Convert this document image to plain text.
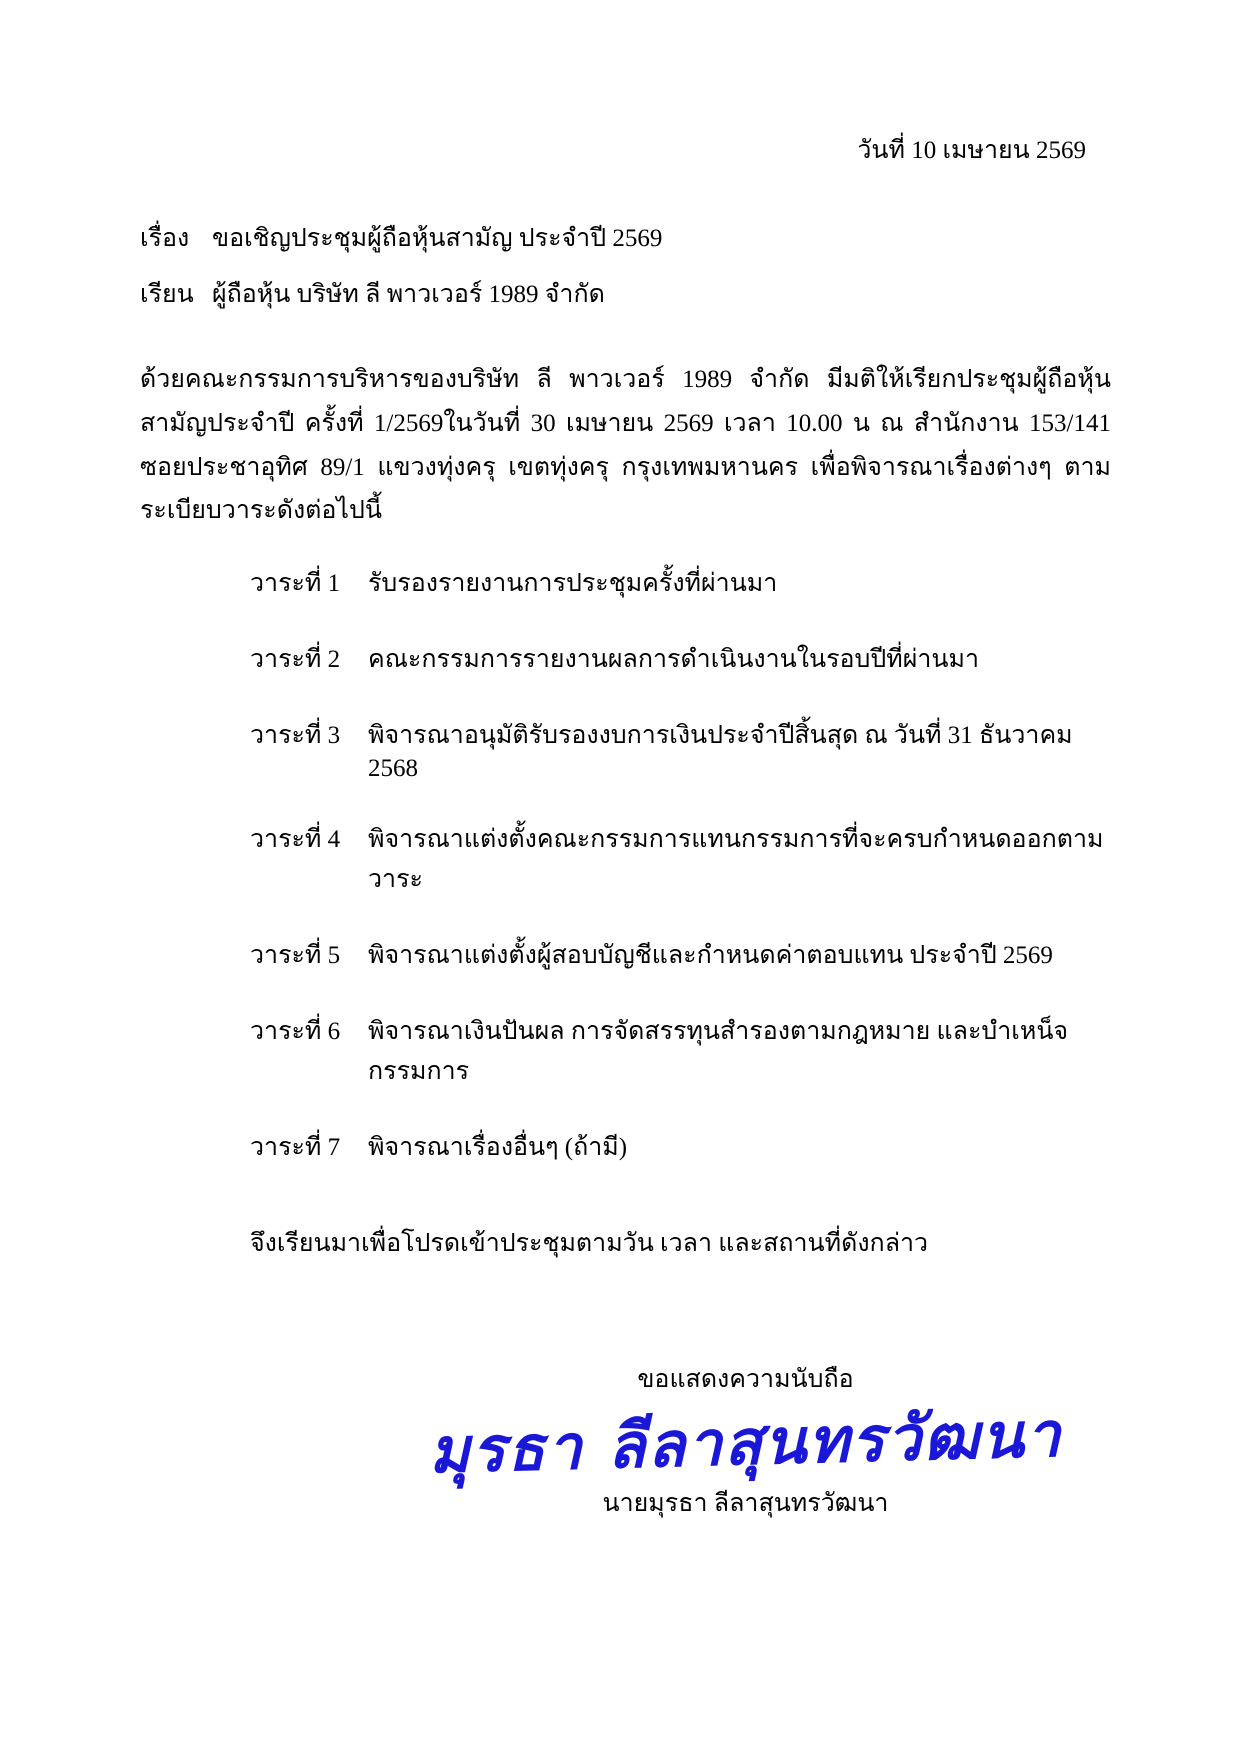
วันที่ 10 เมษายน 2569
เรื่อง ขอเชิญประชุมผู้ถือหุ้นสามัญ ประจำปี 2569
เรียน ผู้ถือหุ้น บริษัท ลี พาวเวอร์ 1989 จำกัด
ด้วยคณะกรรมการบริหารของบริษัท ลี พาวเวอร์ 1989 จำกัด มีมติให้เรียกประชุมผู้ถือหุ้นสามัญประจำปี ครั้งที่ 1/2569ในวันที่ 30 เมษายน 2569 เวลา 10.00 น ณ สำนักงาน 153/141 ซอยประชาอุทิศ 89/1 แขวงทุ่งครุ เขตทุ่งครุ กรุงเทพมหานคร เพื่อพิจารณาเรื่องต่างๆ ตามระเบียบวาระดังต่อไปนี้
วาระที่ 1	รับรองรายงานการประชุมครั้งที่ผ่านมา
วาระที่ 2	คณะกรรมการรายงานผลการดำเนินงานในรอบปีที่ผ่านมา
วาระที่ 3	พิจารณาอนุมัติรับรองงบการเงินประจำปีสิ้นสุด ณ วันที่ 31 ธันวาคม 2568
วาระที่ 4	พิจารณาแต่งตั้งคณะกรรมการแทนกรรมการที่จะครบกำหนดออกตามวาระ
วาระที่ 5	พิจารณาแต่งตั้งผู้สอบบัญชีและกำหนดค่าตอบแทน ประจำปี 2569
วาระที่ 6	พิจารณาเงินปันผล การจัดสรรทุนสำรองตามกฎหมาย และบำเหน็จกรรมการ
วาระที่ 7	พิจารณาเรื่องอื่นๆ (ถ้ามี)
จึงเรียนมาเพื่อโปรดเข้าประชุมตามวัน เวลา และสถานที่ดังกล่าว
ขอแสดงความนับถือ
มุรธา ลีลาสุนทรวัฒนา
นายมุรธา ลีลาสุนทรวัฒนา
